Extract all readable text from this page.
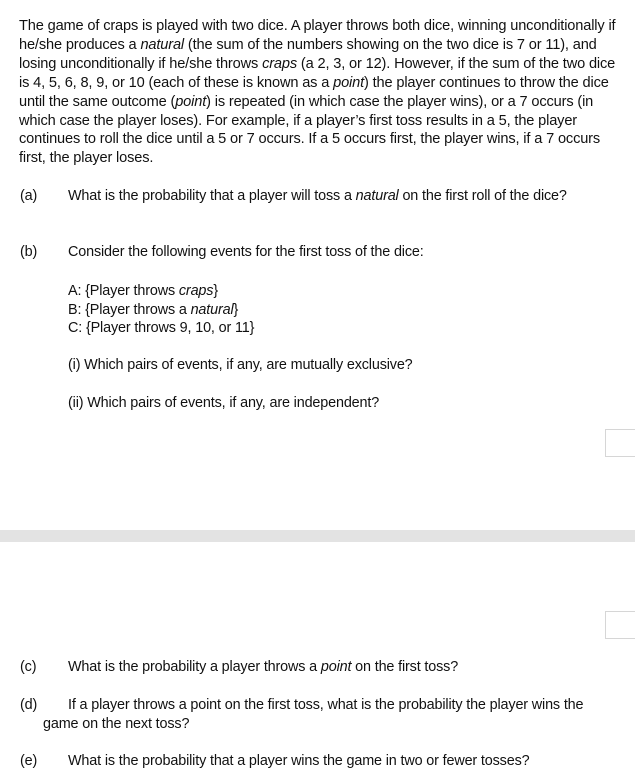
The game of craps is played with two dice. A player throws both dice, winning unconditionally if he/she produces a natural (the sum of the numbers showing on the two dice is 7 or 11), and losing unconditionally if he/she throws craps (a 2, 3, or 12). However, if the sum of the two dice is 4, 5, 6, 8, 9, or 10 (each of these is known as a point) the player continues to throw the dice until the same outcome (point) is repeated (in which case the player wins), or a 7 occurs (in which case the player loses). For example, if a player’s first toss results in a 5, the player continues to roll the dice until a 5 or 7 occurs. If a 5 occurs first, the player wins, if a 7 occurs first, the player loses.

(a) What is the probability that a player will toss a natural on the first roll of the dice?
(b) Consider the following events for the first toss of the dice:
A: {Player throws craps}
B: {Player throws a natural}
C: {Player throws 9, 10, or 11}
(i) Which pairs of events, if any, are mutually exclusive?
(ii) Which pairs of events, if any, are independent?
(c) What is the probability a player throws a point on the first toss?
(d)	If a player throws a point on the first toss, what is the probability the player wins the game on the next toss?
(e) What is the probability that a player wins the game in two or fewer tosses?
